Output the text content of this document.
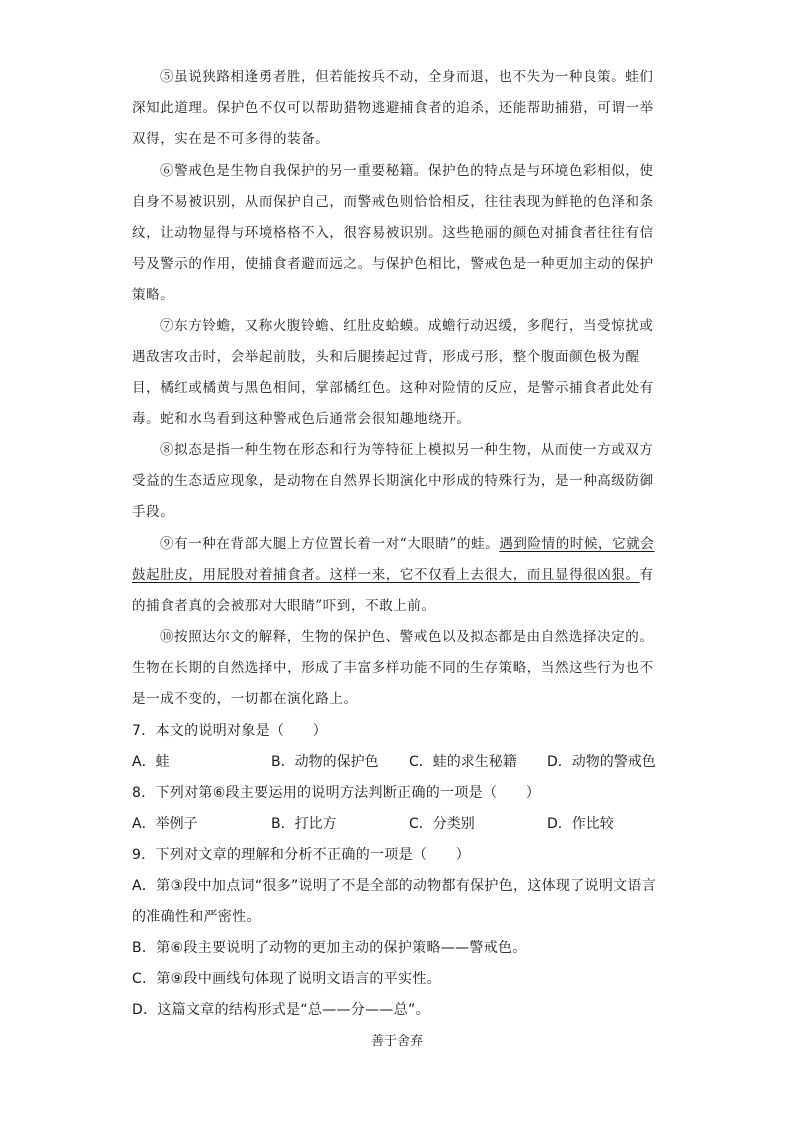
⑤虽说狭路相逢勇者胜，但若能按兵不动，全身而退，也不失为一种良策。蛙们
深知此道理。保护色不仅可以帮助猎物逃避捕食者的追杀，还能帮助捕猎，可谓一举
双得，实在是不可多得的装备。
⑥警戒色是生物自我保护的另一重要秘籍。保护色的特点是与环境色彩相似，使
自身不易被识别，从而保护自己，而警戒色则恰恰相反，往往表现为鲜艳的色泽和条
纹，让动物显得与环境格格不入，很容易被识别。这些艳丽的颜色对捕食者往往有信
号及警示的作用，使捕食者避而远之。与保护色相比，警戒色是一种更加主动的保护
策略。
⑦东方铃蟾，又称火腹铃蟾、红肚皮蛤蟆。成蟾行动迟缓，多爬行，当受惊扰或
遇敌害攻击时，会举起前肢，头和后腿揍起过背，形成弓形，整个腹面颜色极为醒
目，橘红或橘黄与黑色相间，掌部橘红色。这种对险情的反应，是警示捕食者此处有
毒。蛇和水鸟看到这种警戒色后通常会很知趣地绕开。
⑧拟态是指一种生物在形态和行为等特征上模拟另一种生物，从而使一方或双方
受益的生态适应现象，是动物在自然界长期演化中形成的特殊行为，是一种高级防御
手段。
⑨有一种在背部大腿上方位置长着一对“大眼睛”的蛙。遇到险情的时候，它就会
鼓起肚皮，用屁股对着捕食者。这样一来，它不仅看上去很大，而且显得很凶狠。有
的捕食者真的会被那对大眼睛”吓到，不敢上前。
⑩按照达尔文的解释，生物的保护色、警戒色以及拟态都是由自然选择决定的。
生物在长期的自然选择中，形成了丰富多样功能不同的生存策略，当然这些行为也不
是一成不变的，一切都在演化路上。
7．本文的说明对象是（　　）
A．蛙	B．动物的保护色 C．蛙的求生秘籍 D．动物的警戒色
8．下列对第⑥段主要运用的说明方法判断正确的一项是（　　）
A．举例子	B．打比方	C．分类别	D．作比较
9．下列对文章的理解和分析不正确的一项是（　　）
A．第③段中加点词“很多”说明了不是全部的动物都有保护色，这体现了说明文语言
的准确性和严密性。
B．第⑥段主要说明了动物的更加主动的保护策略——警戒色。
C．第⑨段中画线句体现了说明文语言的平实性。
D．这篇文章的结构形式是“总——分——总”。
善于舍弃
